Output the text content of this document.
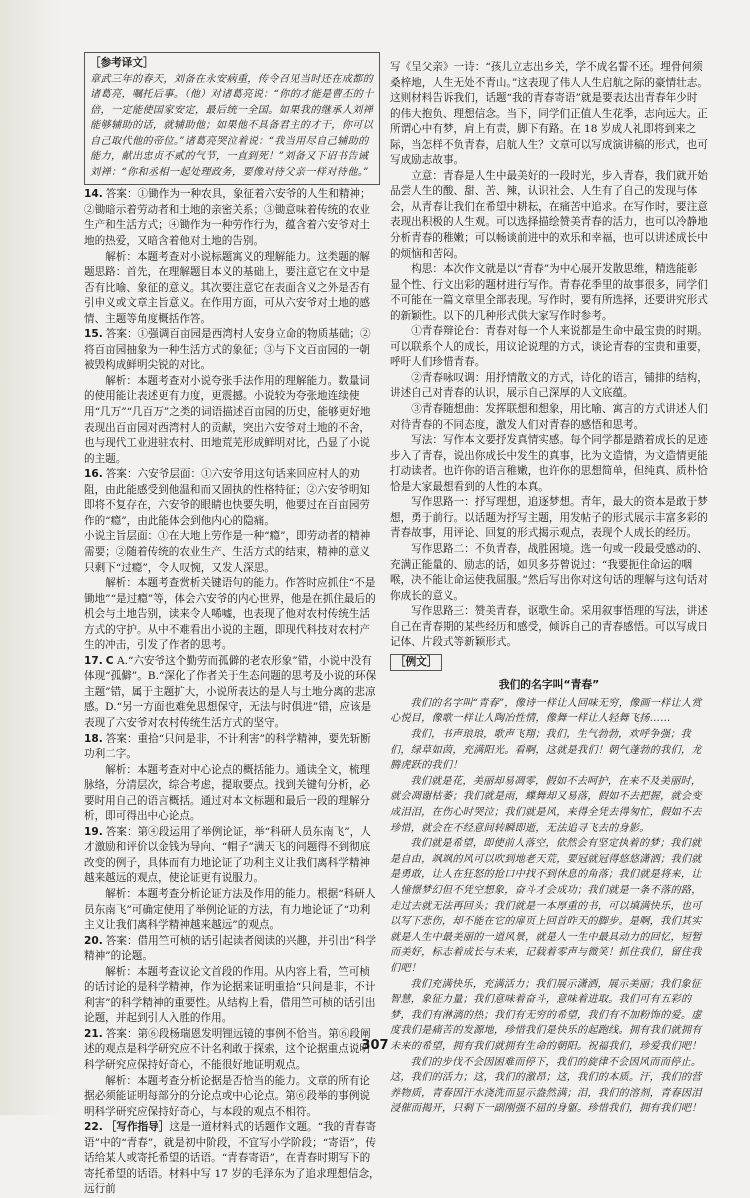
［参考译文］
章武三年的春天，刘备在永安病重，传令召见当时还在成都的诸葛亮，嘱托后事。（他）对诸葛亮说：“你的才能是曹丕的十倍，一定能使国家安定，最后统一全国。如果我的继承人刘禅能够辅助的话，就辅助他；如果他不具备君主的才干，你可以自己取代他的帝位。”诸葛亮哭泣着说：“我当用尽自己辅助的能力，献出忠贞不贰的气节，一直到死！”刘备又下诏书告诫刘禅：“你和丞相一起处理政务，要像对待父亲一样对待他。”
14. 答案：①锄作为一种农具，象征着六安爷的人生和精神；②锄暗示着劳动者和土地的亲密关系；③锄意味着传统的农业生产和生活方式；④锄作为一种劳作行为，蕴含着六安爷对土地的热爱，又暗含着他对土地的告别。

解析：本题考查对小说标题寓义的理解能力。这类题的解题思路：首先，在理解题目本义的基础上，要注意它在文中是否有比喻、象征的意义。其次要注意它在表面含义之外是否有引申义或文章主旨意义。在作用方面，可从六安爷对土地的感情、主题等角度概括作答。

15. 答案：①强调百亩园是西湾村人安身立命的物质基础；②将百亩园抽象为一种生活方式的象征；③与下文百亩园的一朝被毁构成鲜明尖锐的对比。

解析：本题考查对小说夸张手法作用的理解能力。数量词的使用能让表述更有力度，更震撼。小说较为夸张地连续使用“几万”“几百万”之类的词语描述百亩园的历史，能够更好地表现出百亩园对西湾村人的贡献，突出六安爷对土地的不舍，也与现代工业进驻农村、田地荒芜形成鲜明对比，凸显了小说的主题。

16. 答案：六安爷层面：①六安爷用这句话来回应村人的劝阻，由此能感受到他温和而又固执的性格特征；②六安爷明知即将不复存在，六安爷的眼睛也快要失明，他要过在百亩园劳作的“瘾”，由此能体会到他内心的隐痛。

小说主旨层面：①在大地上劳作是一种“瘾”，即劳动者的精神需要；②随着传统的农业生产、生活方式的结束，精神的意义只剩下“过瘾”，令人叹惋，又发人深思。

解析：本题考查赏析关键语句的能力。作答时应抓住“不是锄地”“是过瘾”等，体会六安爷的内心世界，他是在抓住最后的机会与土地告别，读来令人唏嘘，也表现了他对农村传统生活方式的守护。从中不难看出小说的主题，即现代科技对农村产生的冲击，引发了作者的思考。

17. C A.“六安爷这个勤劳而孤僻的老农形象”错，小说中没有体现“孤僻”。B.“深化了作者关于生态问题的思考及小说的环保主题”错，属于主题扩大，小说所表达的是人与土地分离的悲凉感。D.“另一方面也难免思想保守，无法与时俱进”错，应该是表现了六安爷对农村传统生活方式的坚守。
18. 答案：重拾“只问是非，不计利害”的科学精神，要先斩断功利二字。

解析：本题考查对中心论点的概括能力。通读全文，梳理脉络，分清层次，综合考虑，提取要点。找到关键句分析，必要时用自己的语言概括。通过对本文标题和最后一段的理解分析，即可得出中心论点。

19. 答案：第④段运用了举例论证，举“科研人员东南飞”，人才激励和评价以金钱为导向、“帽子”满天飞的问题得不到彻底改变的例子，具体而有力地论证了功利主义让我们离科学精神越来越远的观点，使论证更有说服力。

解析：本题考查分析论证方法及作用的能力。根据“科研人员东南飞”可确定使用了举例论证的方法，有力地论证了“功利主义让我们离科学精神越来越远”的观点。

20. 答案：借用竺可桢的话引起读者阅读的兴趣，并引出“科学精神”的论题。

解析：本题考查议论文首段的作用。从内容上看，竺可桢的话讨论的是科学精神，作为论据来证明重拾“只问是非，不计利害”的科学精神的重要性。从结构上看，借用竺可桢的话引出论题，并起到引人入胜的作用。

21. 答案：第⑥段杨瑞恩发明锂远镜的事例不恰当。第⑥段阐述的观点是科学研究应不计名利敢于探索，这个论据重点说明科学研究应保持好奇心，不能很好地证明观点。

解析：本题考查分析论据是否恰当的能力。文章的所有论据必须能证明每部分的分论点或中心论点。第⑥段举的事例说明科学研究应保持好奇心，与本段的观点不相符。

22. ［写作指导］这是一道材料式的话题作文题。“我的青春寄语”中的“青春”，就是初中阶段，不宜写小学阶段；“寄语”，传话给某人或寄托希望的话语。“青春寄语”，在青春时期写下的寄托希望的话语。材料中写 17 岁的毛泽东为了追求理想信念，远行前

写《呈父亲》一诗：“孩儿立志出乡关，学不成名誓不还。埋骨何须桑梓地，人生无处不青山。”这表现了伟人人生启航之际的豪情壮志。这则材料告诉我们，话题“我的青春寄语”就是要表达出青春年少时的伟大抱负、理想信念。当下，同学们正值人生花季，志向远大。正所谓心中有梦，肩上有责，脚下有路。在 18 岁成人礼即将到来之际，当怎样不负青春，启航人生？文章可以写成演讲稿的形式，也可写成励志故事。

立意：青春是人生中最美好的一段时光，步入青春，我们就开始品尝人生的酸、甜、苦、辣，认识社会、人生有了自己的发现与体会，从青春让我们在希望中耕耘，在痛苦中追求。在写作时，要注意表现出积极的人生观。可以选择描绘赞美青春的活力，也可以冷静地分析青春的稚嫩；可以畅谈前进中的欢乐和幸福，也可以讲述成长中的烦恼和苦闷。

构思：本次作文就是以“青春”为中心展开发散思维，精选能彰显个性、行文出彩的题材进行写作。青春花季里的故事很多，同学们不可能在一篇文章里全部表现。写作时，要有所选择，还要讲究形式的新颖性。以下的几种形式供大家写作时参考。

①青春辩论台：青春对每一个人来说都是生命中最宝贵的时期。可以联系个人的成长，用议论说理的方式，谈论青春的宝贵和重要，呼吁人们珍惜青春。

②青春咏叹调：用抒情散文的方式，诗化的语言，铺排的结构，讲述自己对青春的认识，展示自己深厚的人文底蕴。

③青春随想曲：发挥联想和想象，用比喻、寓言的方式讲述人们对待青春的不同态度，激发人们对青春的感悟和思考。

写法：写作本文要抒发真情实感。每个同学都是踏着成长的足迹步入了青春，说出你成长中发生的真事，比为文造情，为文造情更能打动读者。也许你的语言稚嫩，也许你的思想简单，但纯真、质朴恰恰是大家最想看到的人性的本真。

写作思路一：抒写理想，追逐梦想。青年，最大的资本是敢于梦想，勇于前行。以话题为抒写主题，用发帖子的形式展示丰富多彩的青春故事，用评论、回复的形式揭示观点，表现个人成长的经历。

写作思路二：不负青春，战胜困境。选一句或一段最受感动的、充满正能量的、励志的话，如贝多芬曾说过：“我要扼住命运的咽喉，决不能让命运使我屈服。”然后写出你对这句话的理解与这句话对你成长的意义。

写作思路三：赞美青春，讴歌生命。采用叙事悟理的写法，讲述自己在青春期的某些经历和感受，倾诉自己的青春感悟。可以写成日记体、片段式等新颖形式。

［例文］
我们的名字叫“青春”

我们的名字叫“青春”，像诗一样让人回味无穷，像画一样让人赏心悦目，像歌一样让人陶冶性情，像舞一样让人轻舞飞扬……

我们，书声琅琅，歌声飞翔；我们，生气勃勃，欢呼争强；我们，绿草如茵，充满阳光。看啊，这就是我们！朝气蓬勃的我们，龙腾虎跃的我们！

我们就是花，美丽却易凋零，假如不去呵护，在来不及美丽时，就会凋谢枯萎；我们就是雨，蝶舞却又易落，假如不去把握，就会变成泪泪，在伤心时哭泣；我们就是风，来得全凭去得匆忙，假如不去珍惜，就会在不经意间转瞬即逝，无法追寻飞去的身影。

我们就是希望，即使前人落空，依然会有坚定执着的梦；我们就是自由，飒飒的风可以吹到地老天荒，要冠就冠得悠悠潇洒；我们就是勇敢，让人在狂怒的抢口中找不到休息的角落；我们就是将来，让人憧憬梦幻但不凭空想象，奋斗才会成功；我们就是一条不落的路，走过去就无法再回头；我们就是一本厚重的书，可以填满快乐，也可以写下悲伤，却不能在它的扉页上回首昨天的脚步。是啊，我们其实就是人生中最美丽的一道风景，就是人一生中最具动力的回忆，短暂而美好，标志着成长与未来，记载着零声与微笑！抓住我们，留住我们吧！

我们充满快乐，充满活力；我们展示潇洒，展示美丽；我们象征智慧，象征力量；我们意味着奋斗，意味着进取。我们可有五彩的梦，我们有淋漓的热；我们有无穷的希望，我们有不加粉饰的爱。虚度我们是痛苦的发源地，珍惜我们是快乐的起跑线。拥有我们就拥有未来的希望，拥有我们就拥有生命的朝阳。祝福我们，珍爱我们吧！

我们的步伐不会因困难而停下，我们的旋律不会因风而而停止。这，我们的活力；这，我们的激昂；这，我们的本质。汗，我们的营养物质，青春因汗水浇洗而显示盎然满；泪，我们的溶剂，青春因泪浸催而揭开，只剩下一副刚强不屈的身躯。珍惜我们，拥有我们吧！

307
